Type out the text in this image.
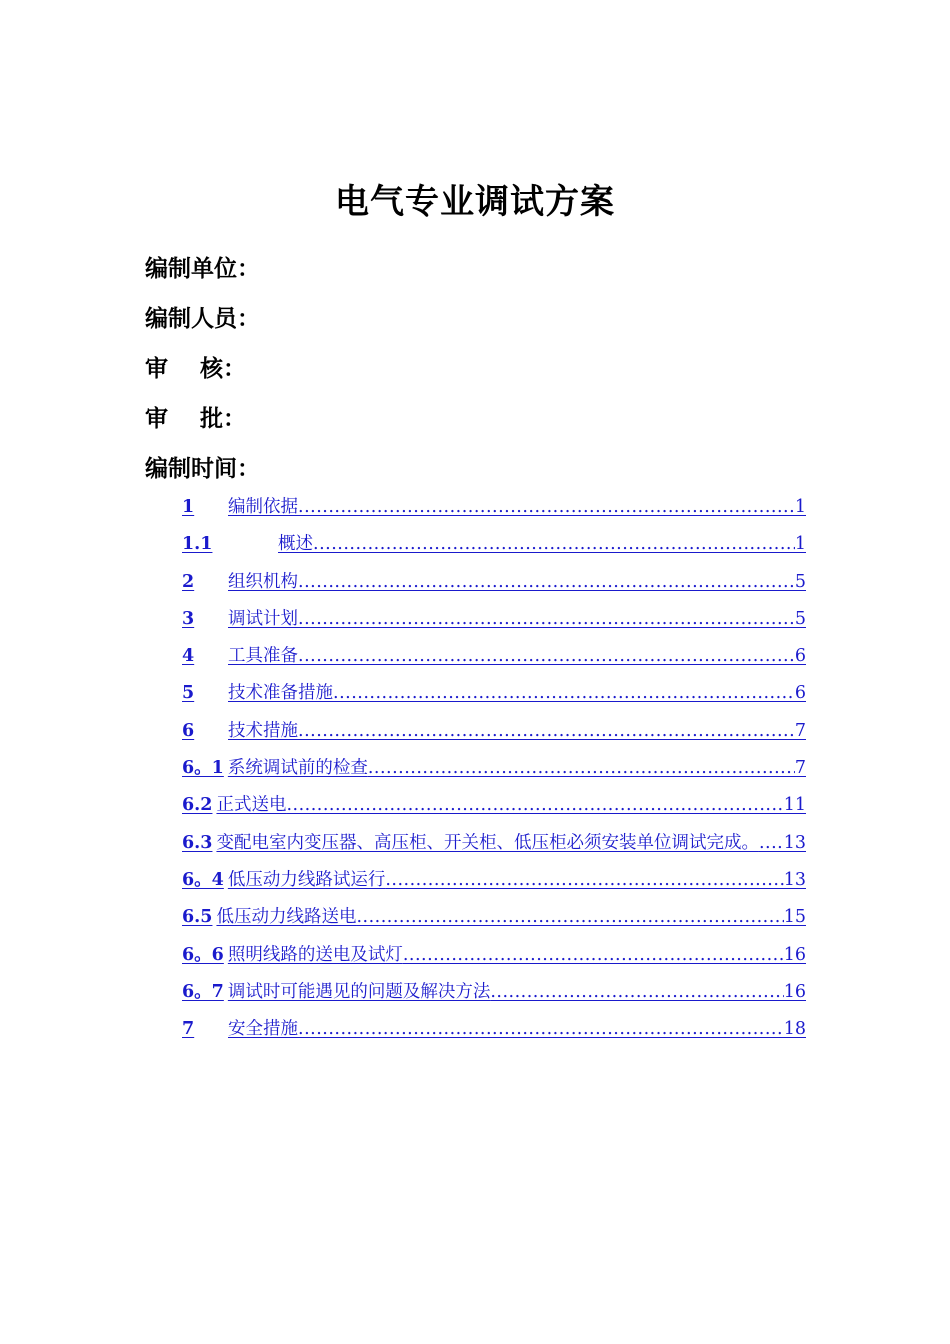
电气专业调试方案
编制单位：
编制人员：
审    核：
审    批：
编制时间：
1	编制依据 .....	1
1.1	概述 .....	1
2	组织机构 .....	5
3	调试计划 .....	5
4	工具准备 .....	6
5	技术准备措施 .....	6
6	技术措施 .....	7
6。1 系统调试前的检查 .....	7
6.2 正式送电 .....	11
6.3 变配电室内变压器、高压柜、开关柜、低压柜必须安装单位调试完成。 ..... 13
6。4 低压动力线路试运行 .....	13
6.5 低压动力线路送电 .....	15
6。6 照明线路的送电及试灯 .....	16
6。7 调试时可能遇见的问题及解决方法 .....	16
7	安全措施 .....	18
